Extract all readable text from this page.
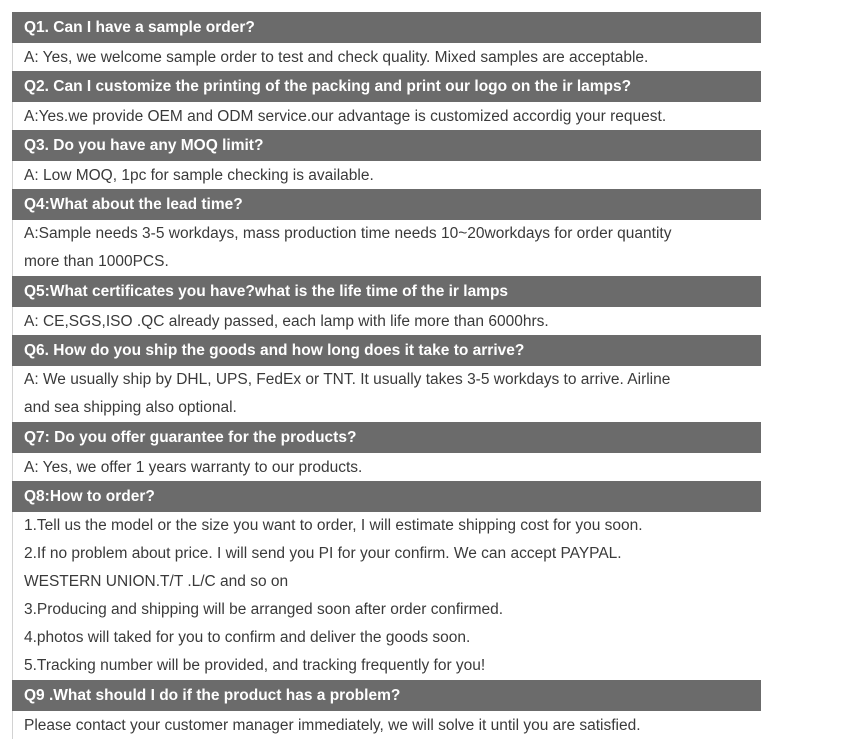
Q1. Can I have a sample order?
A: Yes, we welcome sample order to test and check quality. Mixed samples are acceptable.
Q2. Can I customize the printing of the packing and print our logo on the ir lamps?
A:Yes.we provide OEM and ODM service.our advantage is customized accordig your request.
Q3. Do you have any MOQ limit?
A: Low MOQ, 1pc for sample checking is available.
Q4:What about the lead time?
A:Sample needs 3-5 workdays, mass production time needs 10~20workdays for order quantity
more than 1000PCS.
Q5:What certificates you have?what is the life time of the ir lamps
A: CE,SGS,ISO .QC already passed, each lamp with life more than 6000hrs.
Q6. How do you ship the goods and how long does it take to arrive?
A: We usually ship by DHL, UPS, FedEx or TNT. It usually takes 3-5 workdays to arrive. Airline
and sea shipping also optional.
Q7: Do you offer guarantee for the products?
A: Yes, we offer 1 years warranty to our products.
Q8:How to order?
1.Tell us the model or the size you want to order, I will estimate shipping cost for you soon.
2.If no problem about price. I will send you PI for your confirm. We can accept PAYPAL.
WESTERN UNION.T/T .L/C and so on
3.Producing and shipping will be arranged soon after order confirmed.
4.photos will taked for you to confirm and deliver the goods soon.
5.Tracking number will be provided, and tracking frequently for you!
Q9 .What should I do if the product has a problem?
Please contact your customer manager immediately, we will solve it until you are satisfied.
